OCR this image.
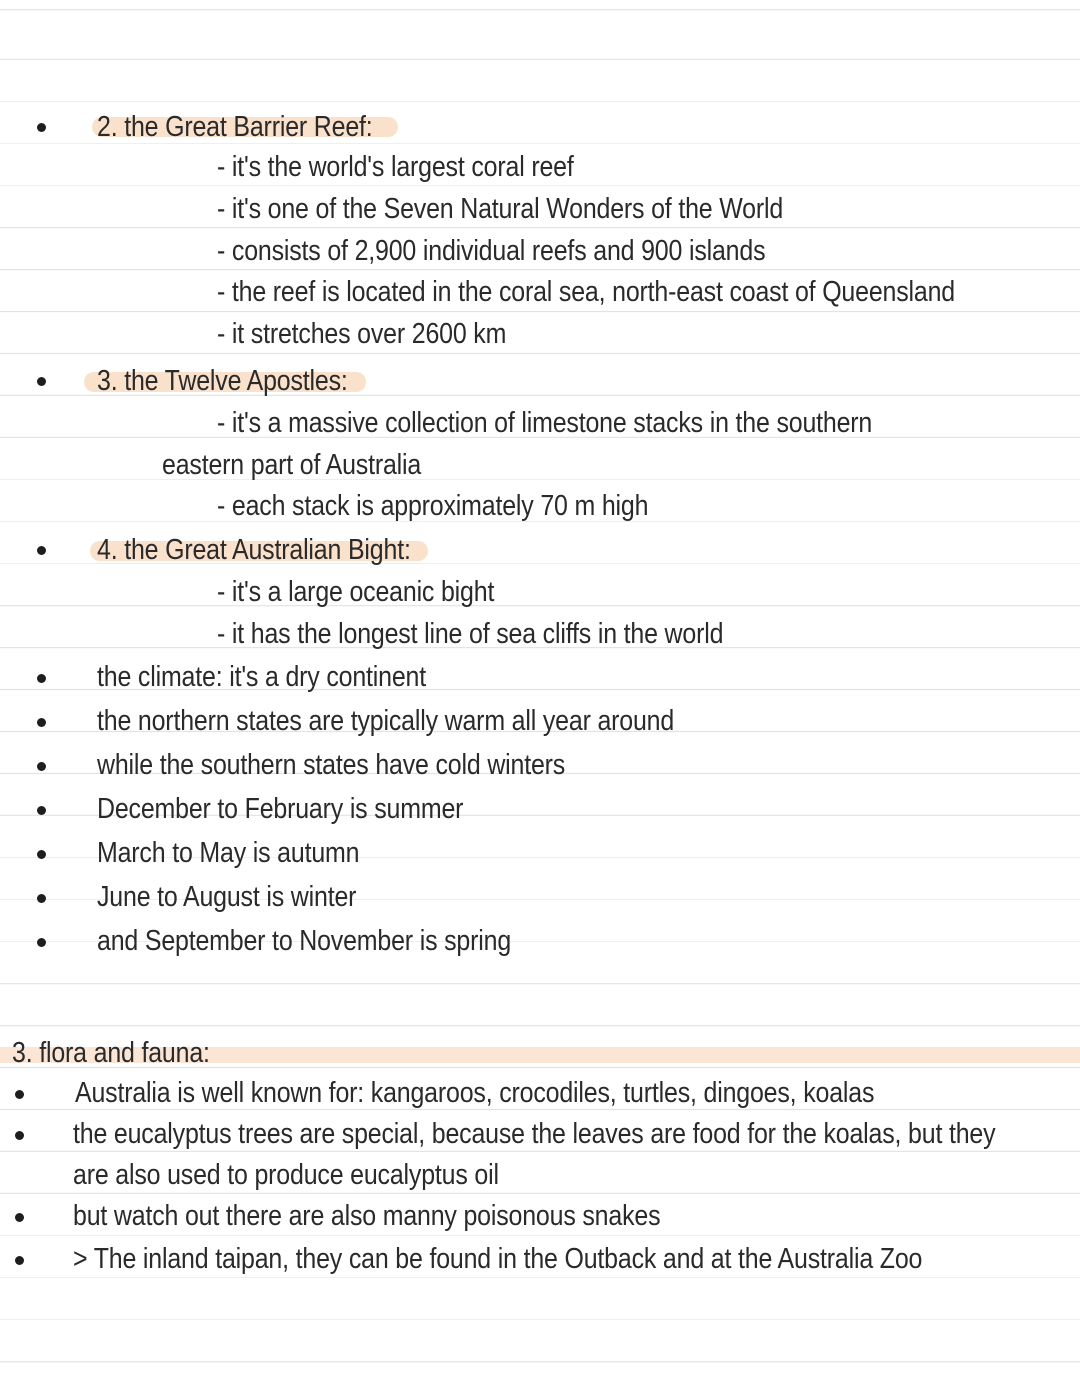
2. the Great Barrier Reef:
- it's the world's largest coral reef
- it's one of the Seven Natural Wonders of the World
- consists of 2,900 individual reefs and 900 islands
- the reef is located in the coral sea, north-east coast of Queensland
- it stretches over 2600 km
3. the Twelve Apostles:
- it's a massive collection of limestone stacks in the southern
eastern part of Australia
- each stack is approximately 70 m high
4. the Great Australian Bight:
- it's a large oceanic bight
- it has the longest line of sea cliffs in the world
the climate: it's a dry continent
the northern states are typically warm all year around
while the southern states have cold winters
December to February is summer
March to May is autumn
June to August is winter
and September to November is spring
3. flora and fauna:
Australia is well known for: kangaroos, crocodiles, turtles, dingoes, koalas
the eucalyptus trees are special, because the leaves are food for the koalas, but they
are also used to produce eucalyptus oil
but watch out there are also manny poisonous snakes
> The inland taipan, they can be found in the Outback and at the Australia Zoo
